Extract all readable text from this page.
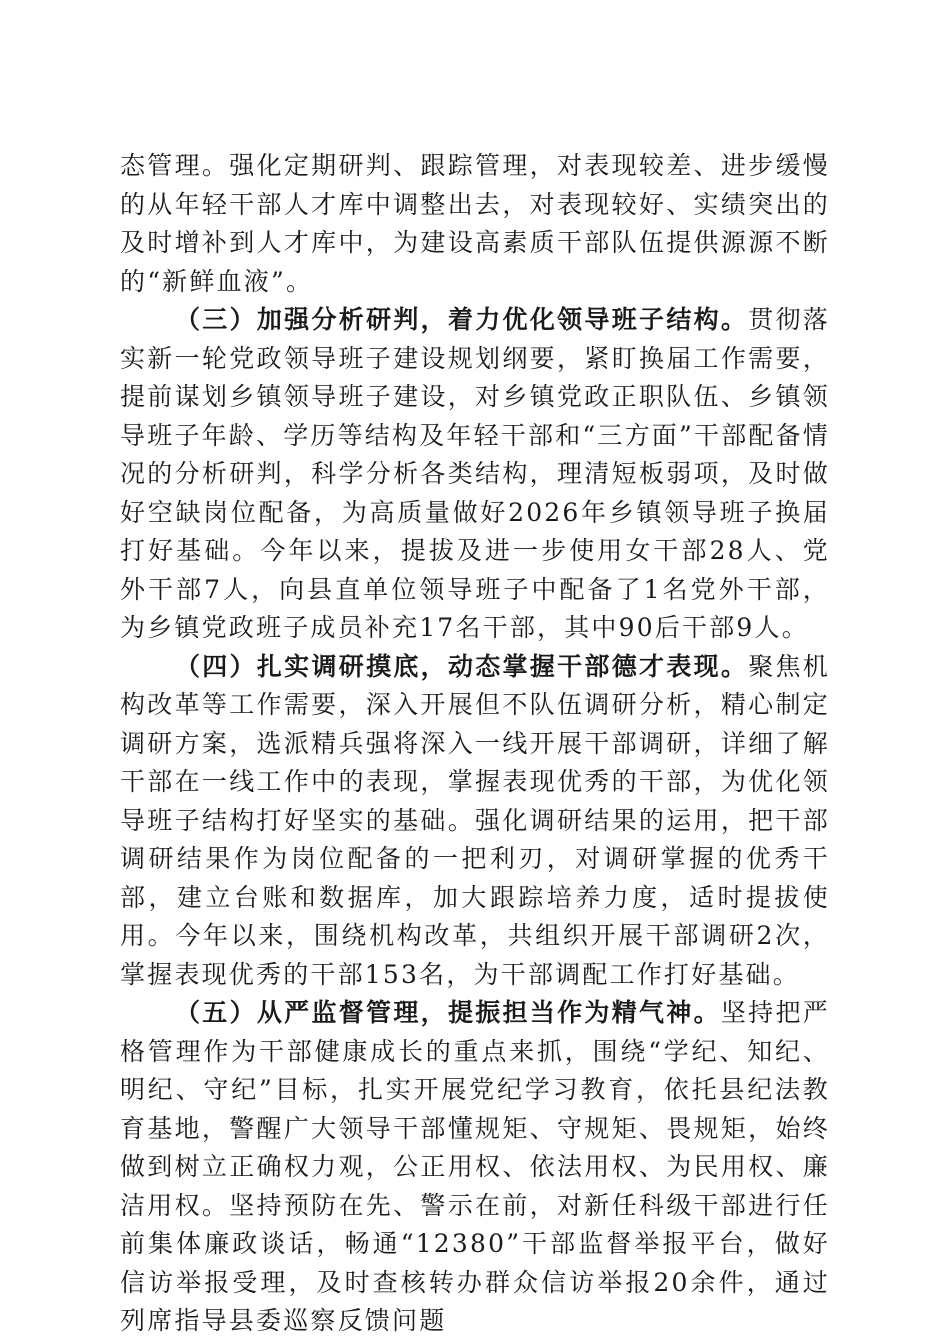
态管理。强化定期研判、跟踪管理，对表现较差、进步缓慢的从年轻干部人才库中调整出去，对表现较好、实绩突出的及时增补到人才库中，为建设高素质干部队伍提供源源不断的“新鲜血液”。

（三）加强分析研判，着力优化领导班子结构。贯彻落实新一轮党政领导班子建设规划纲要，紧盯换届工作需要，提前谋划乡镇领导班子建设，对乡镇党政正职队伍、乡镇领导班子年龄、学历等结构及年轻干部和“三方面”干部配备情况的分析研判，科学分析各类结构，理清短板弱项，及时做好空缺岗位配备，为高质量做好2026年乡镇领导班子换届打好基础。今年以来，提拔及进一步使用女干部28人、党外干部7人，向县直单位领导班子中配备了1名党外干部，为乡镇党政班子成员补充17名干部，其中90后干部9人。

（四）扎实调研摸底，动态掌握干部德才表现。聚焦机构改革等工作需要，深入开展但不队伍调研分析，精心制定调研方案，选派精兵强将深入一线开展干部调研，详细了解干部在一线工作中的表现，掌握表现优秀的干部，为优化领导班子结构打好坚实的基础。强化调研结果的运用，把干部调研结果作为岗位配备的一把利刃，对调研掌握的优秀干部，建立台账和数据库，加大跟踪培养力度，适时提拔使用。今年以来，围绕机构改革，共组织开展干部调研2次，掌握表现优秀的干部153名，为干部调配工作打好基础。

（五）从严监督管理，提振担当作为精气神。坚持把严格管理作为干部健康成长的重点来抓，围绕“学纪、知纪、明纪、守纪”目标，扎实开展党纪学习教育，依托县纪法教育基地，警醒广大领导干部懂规矩、守规矩、畏规矩，始终做到树立正确权力观，公正用权、依法用权、为民用权、廉洁用权。坚持预防在先、警示在前，对新任科级干部进行任前集体廉政谈话，畅通“12380”干部监督举报平台，做好信访举报受理，及时查核转办群众信访举报20余件，通过列席指导县委巡察反馈问题
